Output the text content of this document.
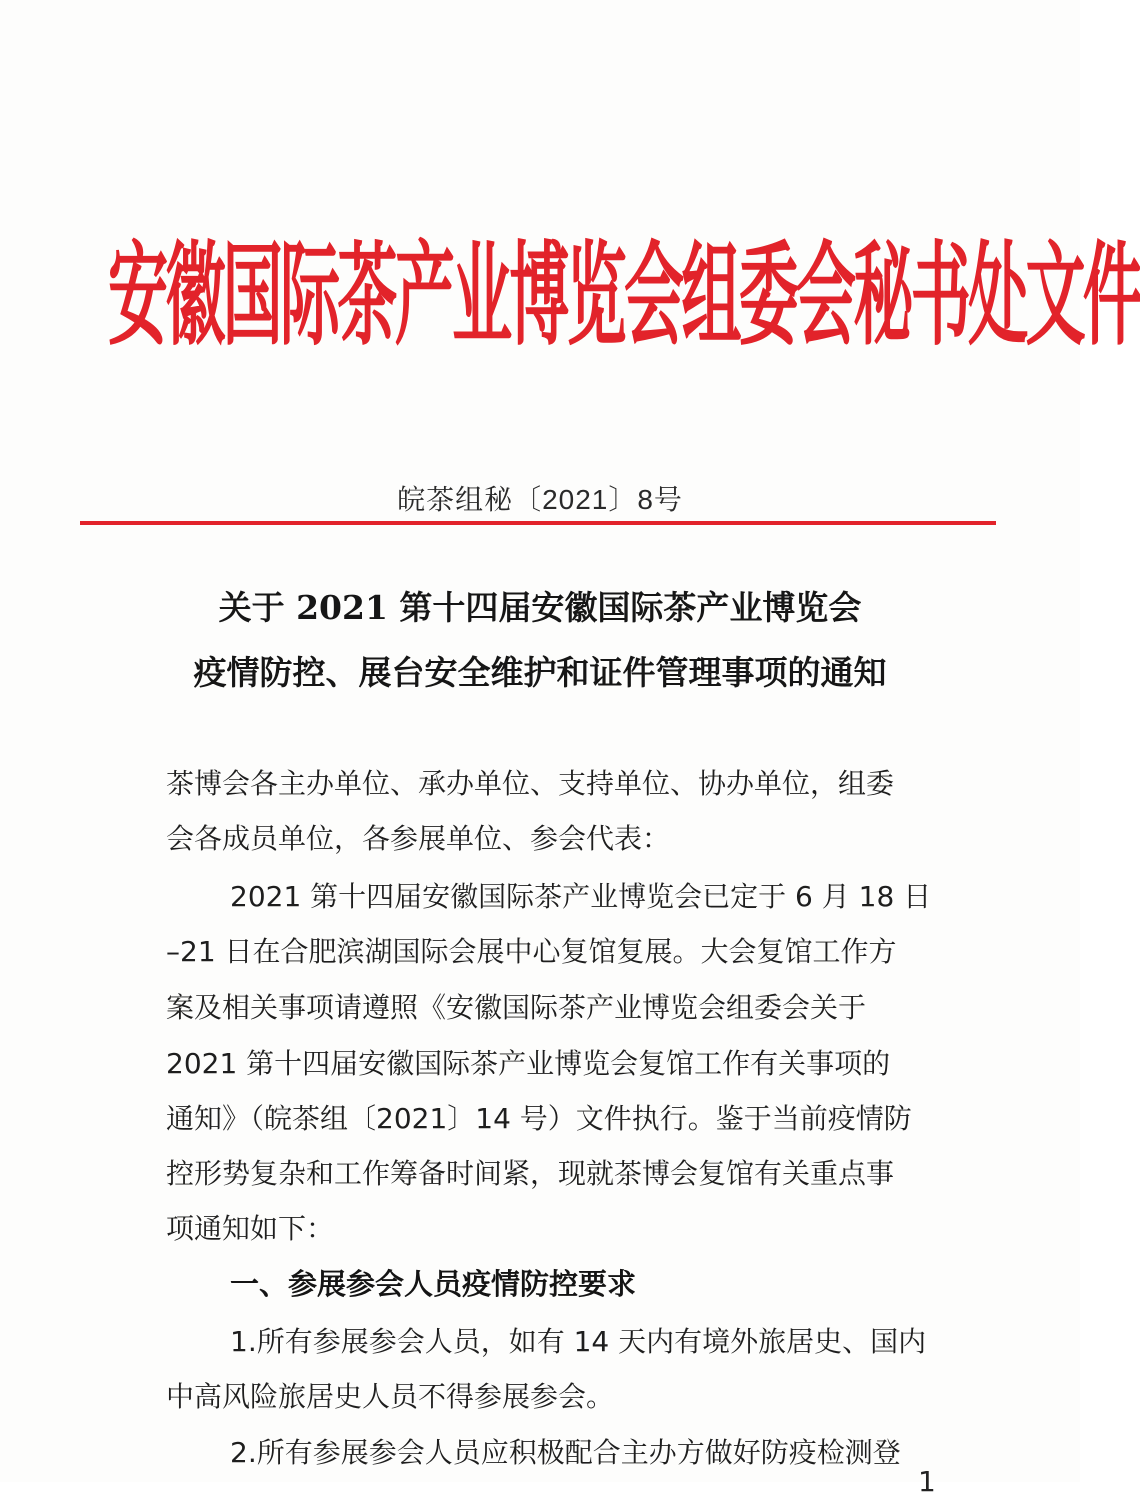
安徽国际茶产业博览会组委会秘书处文件
皖茶组秘〔2021〕8号
关于 2021 第十四届安徽国际茶产业博览会
疫情防控、展台安全维护和证件管理事项的通知
茶博会各主办单位、承办单位、支持单位、协办单位，组委
会各成员单位，各参展单位、参会代表：
2021 第十四届安徽国际茶产业博览会已定于 6 月 18 日
–21 日在合肥滨湖国际会展中心复馆复展。大会复馆工作方
案及相关事项请遵照《安徽国际茶产业博览会组委会关于
2021 第十四届安徽国际茶产业博览会复馆工作有关事项的
通知》（皖茶组〔2021〕14 号）文件执行。鉴于当前疫情防
控形势复杂和工作筹备时间紧，现就茶博会复馆有关重点事
项通知如下：
一、参展参会人员疫情防控要求
1.所有参展参会人员，如有 14 天内有境外旅居史、国内
中高风险旅居史人员不得参展参会。
2.所有参展参会人员应积极配合主办方做好防疫检测登
1
